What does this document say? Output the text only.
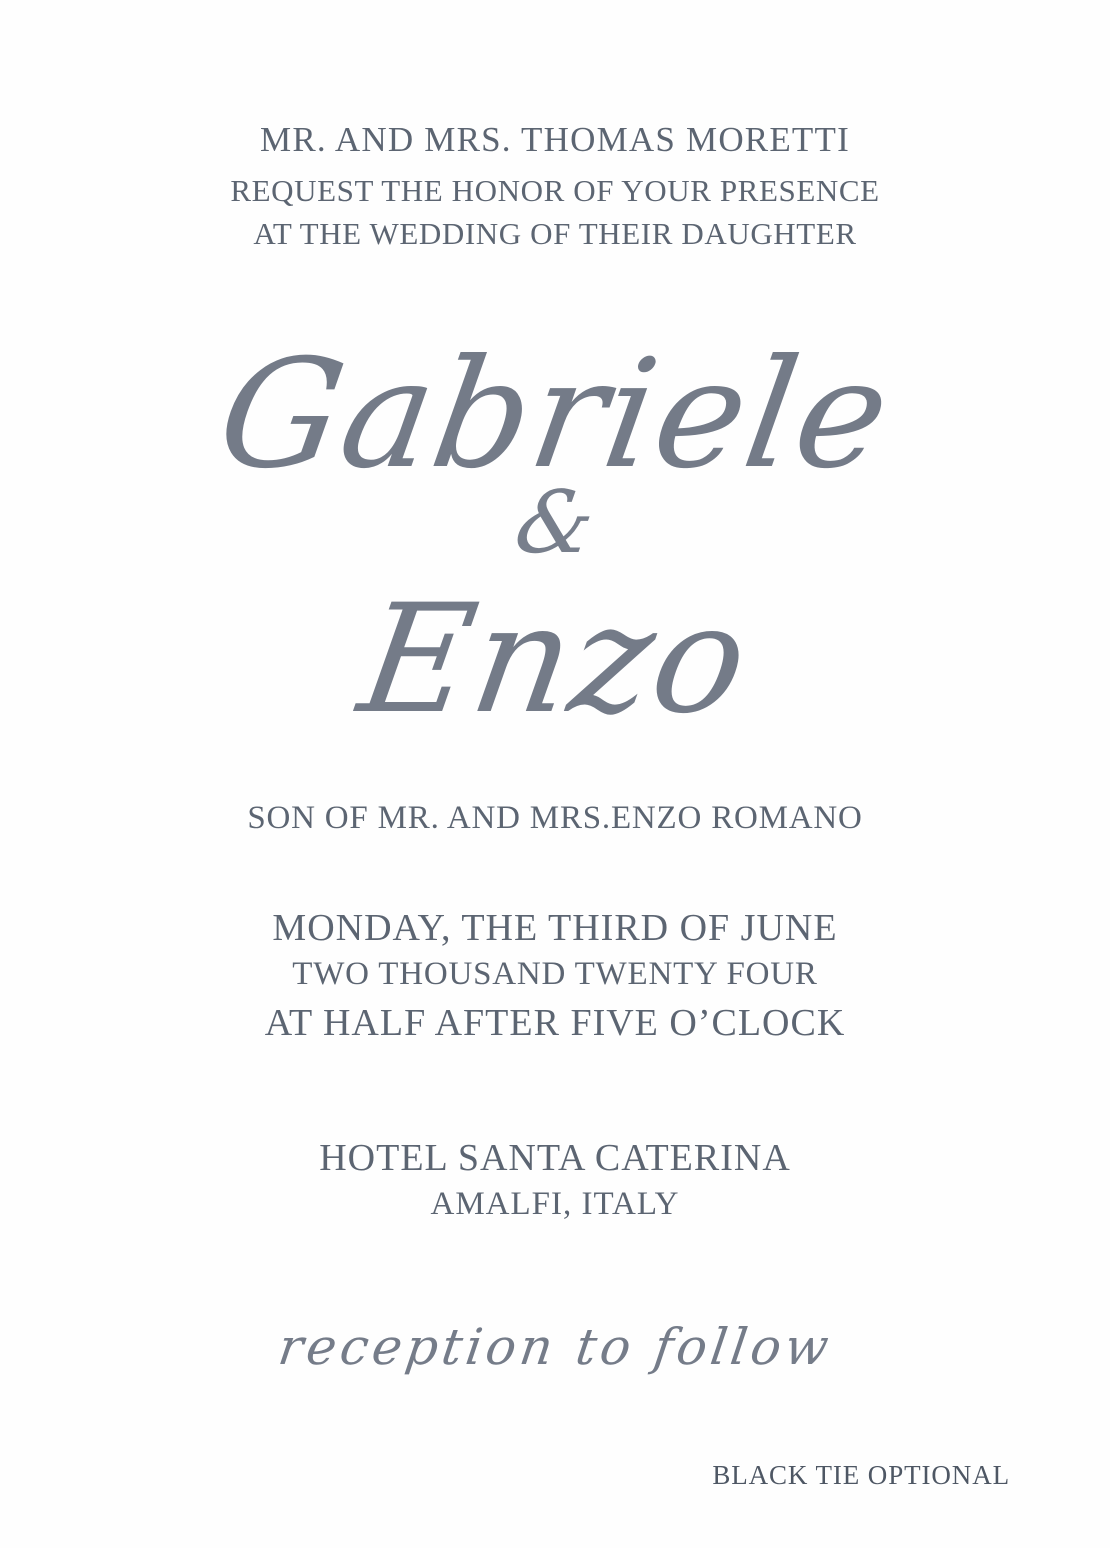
MR. AND MRS. THOMAS MORETTI
REQUEST THE HONOR OF YOUR PRESENCE
AT THE WEDDING OF THEIR DAUGHTER
Gabriele
&
Enzo
SON OF MR. AND MRS.ENZO ROMANO
MONDAY, THE THIRD OF JUNE
TWO THOUSAND TWENTY FOUR
AT HALF AFTER FIVE O’CLOCK
HOTEL SANTA CATERINA
AMALFI, ITALY
reception to follow
BLACK TIE OPTIONAL
